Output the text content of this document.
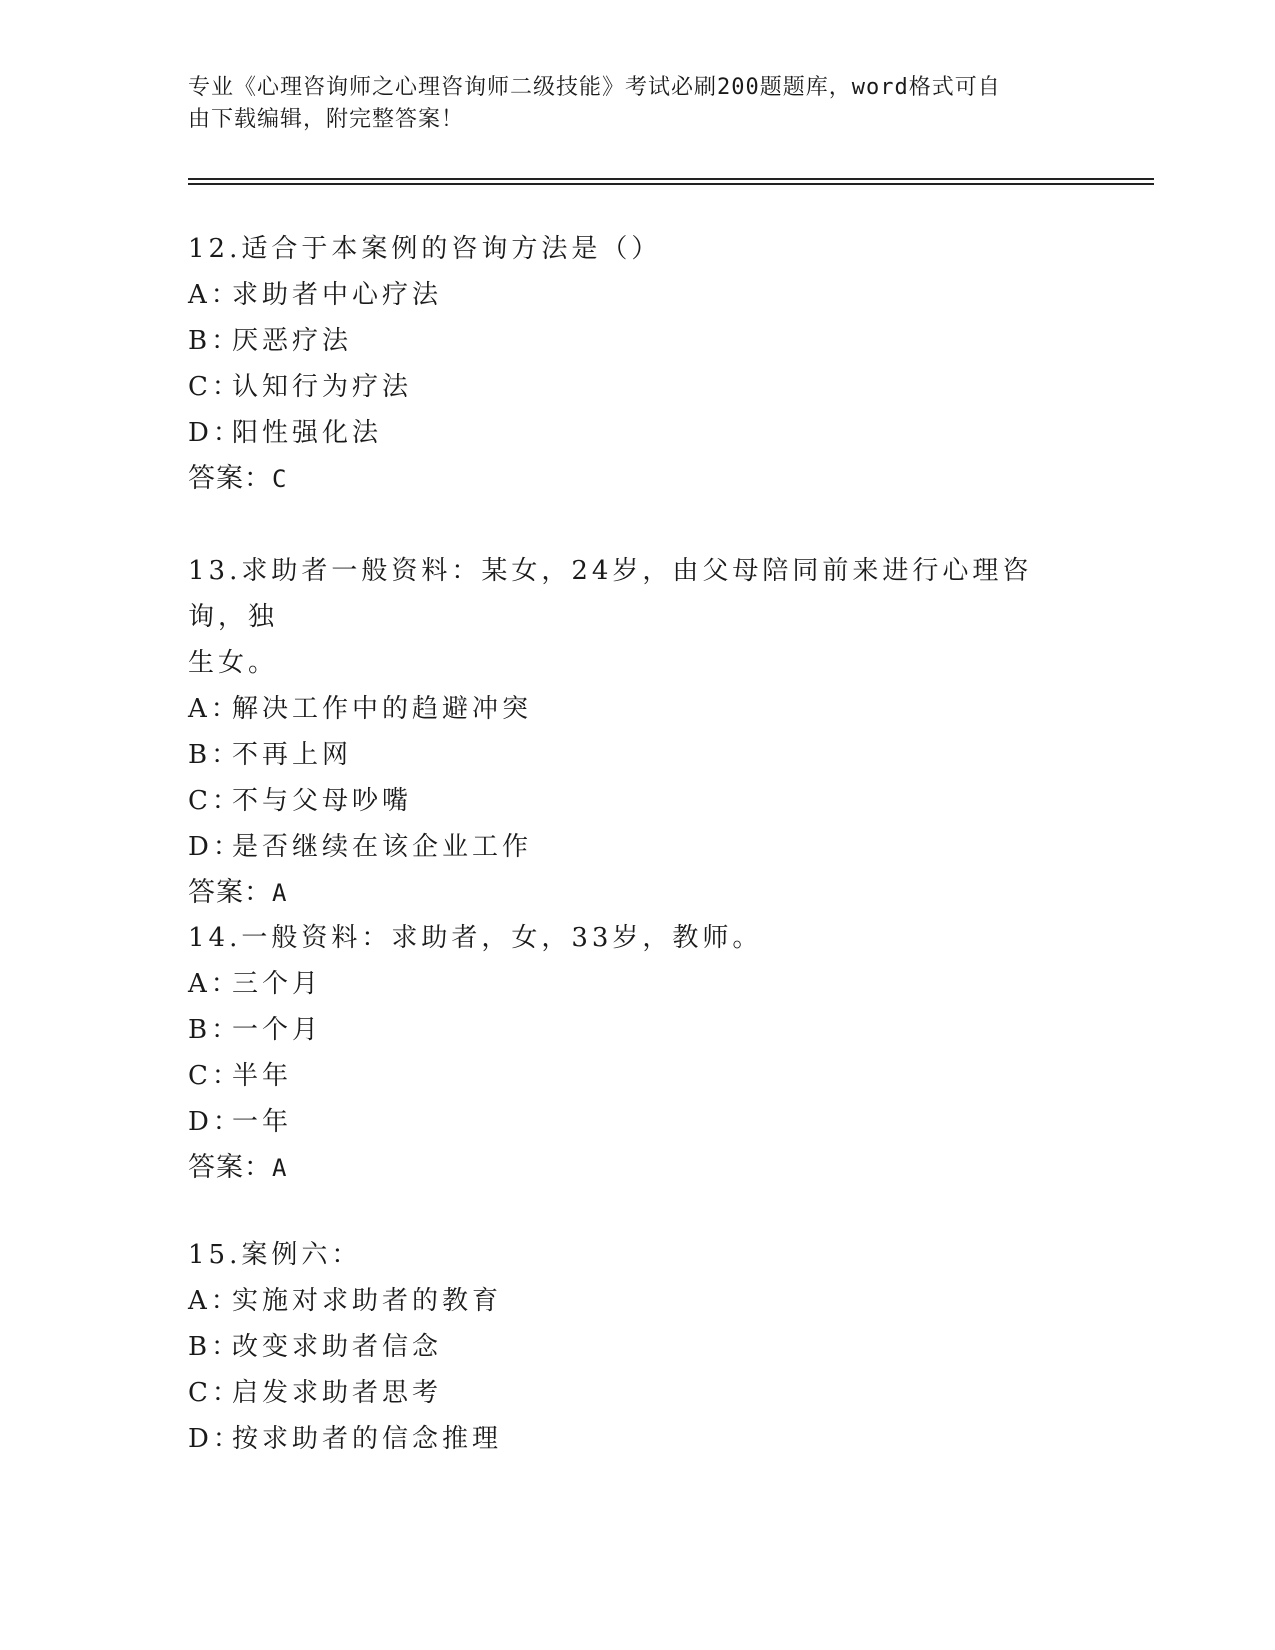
专业《心理咨询师之心理咨询师二级技能》考试必刷200题题库，word格式可自
由下载编辑，附完整答案！
12.适合于本案例的咨询方法是（）
A：
求助者中心疗法
B：
厌恶疗法
C：
认知行为疗法
D：
阳性强化法
答案：C
13.求助者一般资料：某女，24岁，由父母陪同前来进行心理咨询，独
生女。
A：
解决工作中的趋避冲突
B：
不再上网
C：
不与父母吵嘴
D：
是否继续在该企业工作
答案：A
14.一般资料：求助者，女，33岁，教师。
A：
三个月
B：
一个月
C：
半年
D：
一年
答案：A
15.案例六：
A：
实施对求助者的教育
B：
改变求助者信念
C：
启发求助者思考
D：
按求助者的信念推理
